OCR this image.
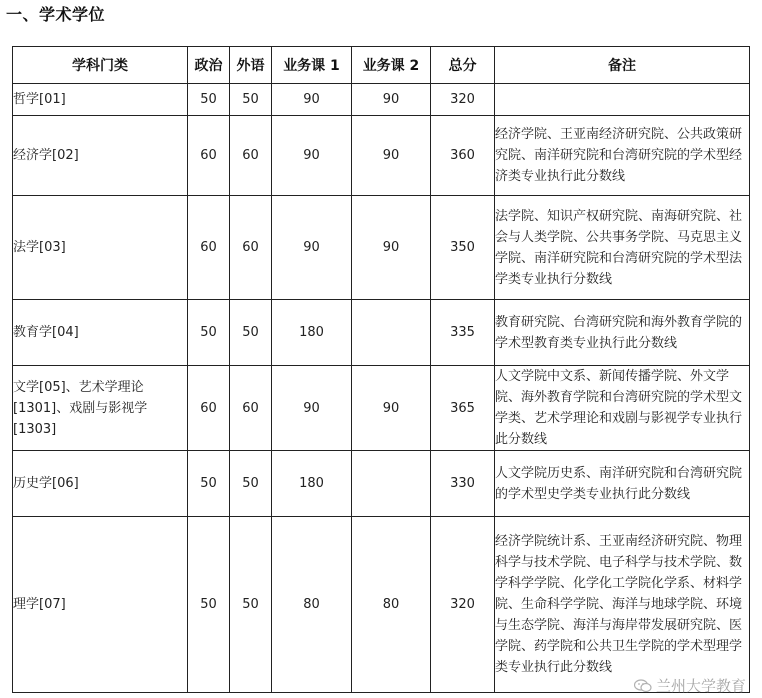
一、学术学位
学科门类	政治	外语	业务课 1	业务课 2	总分	备注
哲学[01]	50	50	90	90	320	
经济学[02]	60	60	90	90	360	经济学院、王亚南经济研究院、公共政策研究院、南洋研究院和台湾研究院的学术型经济类专业执行此分数线
法学[03]	60	60	90	90	350	法学院、知识产权研究院、南海研究院、社会与人类学院、公共事务学院、马克思主义学院、南洋研究院和台湾研究院的学术型法学类专业执行分数线
教育学[04]	50	50	180		335	教育研究院、台湾研究院和海外教育学院的学术型教育类专业执行此分数线
文学[05]、艺术学理论[1301]、戏剧与影视学[1303]	60	60	90	90	365	人文学院中文系、新闻传播学院、外文学院、海外教育学院和台湾研究院的学术型文学类、艺术学理论和戏剧与影视学专业执行此分数线
历史学[06]	50	50	180		330	人文学院历史系、南洋研究院和台湾研究院的学术型史学类专业执行此分数线
理学[07]	50	50	80	80	320	经济学院统计系、王亚南经济研究院、物理科学与技术学院、电子科学与技术学院、数学科学学院、化学化工学院化学系、材料学院、生命科学学院、海洋与地球学院、环境与生态学院、海洋与海岸带发展研究院、医学院、药学院和公共卫生学院的学术型理学类专业执行此分数线
兰州大学教育
